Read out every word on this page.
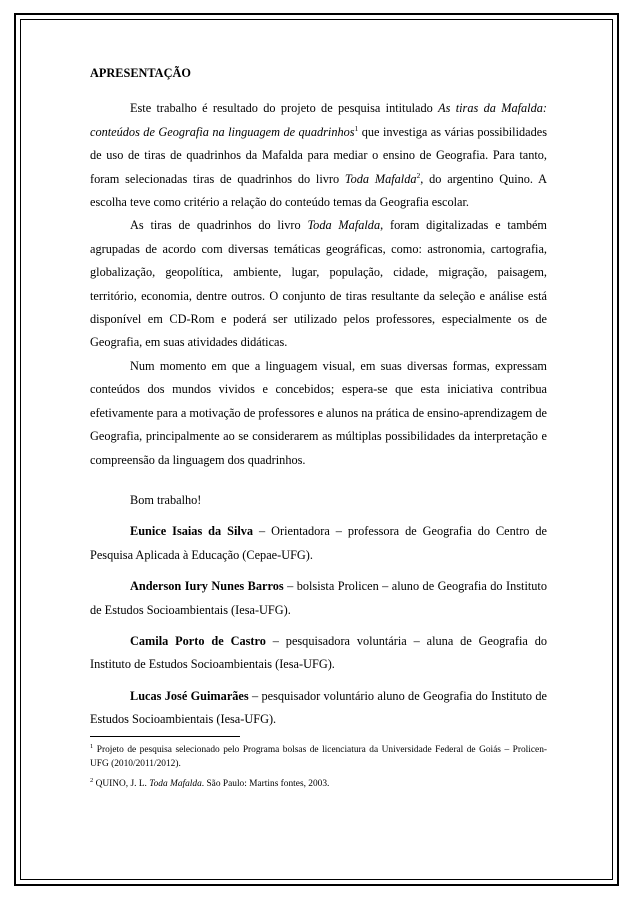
APRESENTAÇÃO

Este trabalho é resultado do projeto de pesquisa intitulado As tiras da Mafalda: conteúdos de Geografia na linguagem de quadrinhos$^1$ que investiga as várias possibilidades de uso de tiras de quadrinhos da Mafalda para mediar o ensino de Geografia. Para tanto, foram selecionadas tiras de quadrinhos do livro Toda Mafalda$^2$, do argentino Quino. A escolha teve como critério a relação do conteúdo temas da Geografia escolar.

As tiras de quadrinhos do livro Toda Mafalda, foram digitalizadas e também agrupadas de acordo com diversas temáticas geográficas, como: astronomia, cartografia, globalização, geopolítica, ambiente, lugar, população, cidade, migração, paisagem, território, economia, dentre outros. O conjunto de tiras resultante da seleção e análise está disponível em CD-Rom e poderá ser utilizado pelos professores, especialmente os de Geografia, em suas atividades didáticas.

Num momento em que a linguagem visual, em suas diversas formas, expressam conteúdos dos mundos vividos e concebidos; espera-se que esta iniciativa contribua efetivamente para a motivação de professores e alunos na prática de ensino-aprendizagem de Geografia, principalmente ao se considerarem as múltiplas possibilidades da interpretação e compreensão da linguagem dos quadrinhos.

Bom trabalho!

Eunice Isaias da Silva – Orientadora – professora de Geografia do Centro de Pesquisa Aplicada à Educação (Cepae-UFG).

Anderson Iury Nunes Barros – bolsista Prolicen – aluno de Geografia do Instituto de Estudos Socioambientais (Iesa-UFG).

Camila Porto de Castro – pesquisadora voluntária – aluna de Geografia do Instituto de Estudos Socioambientais (Iesa-UFG).

Lucas José Guimarães – pesquisador voluntário aluno de Geografia do Instituto de Estudos Socioambientais (Iesa-UFG).

$^1$ Projeto de pesquisa selecionado pelo Programa bolsas de licenciatura da Universidade Federal de Goiás – Prolicen-UFG (2010/2011/2012).

$^2$ QUINO, J. L. Toda Mafalda. São Paulo: Martins fontes, 2003.
